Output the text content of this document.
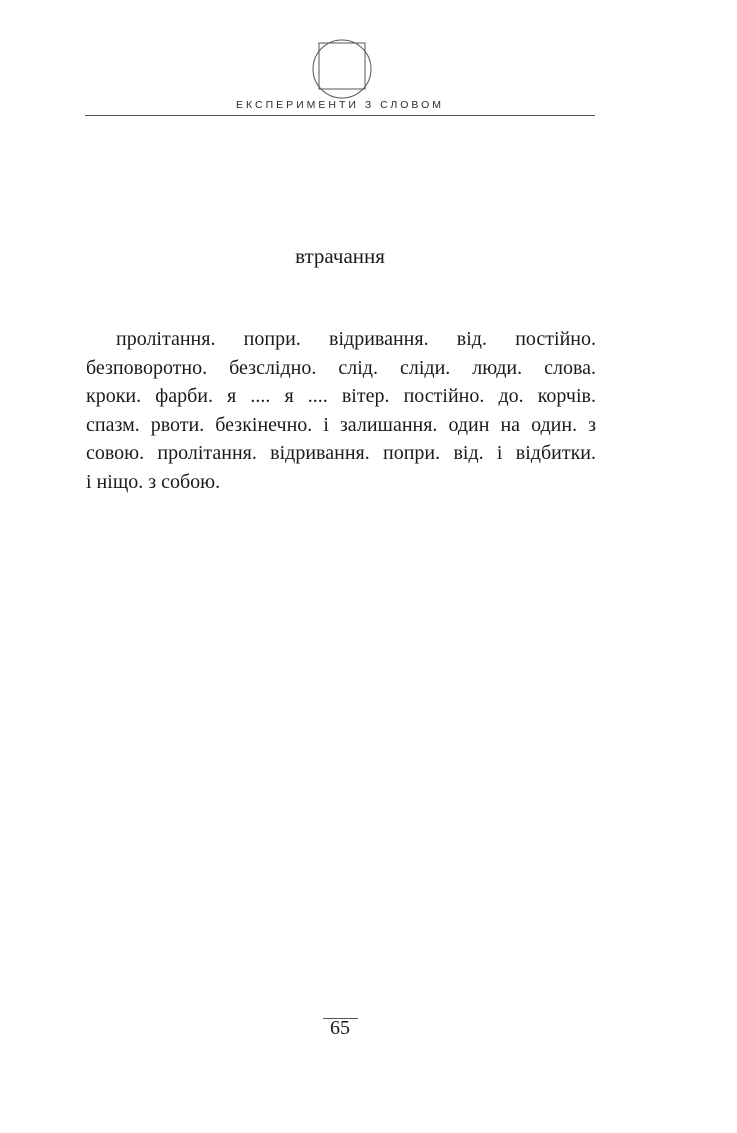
ЕКСПЕРИМЕНТИ З СЛОВОМ
втрачання
пролітання. попри. відривання. від. постійно.
безповоротно. безслідно. слід. сліди. люди. слова.
кроки. фарби. я .... я .... вітер. постійно. до. корчів.
спазм. рвоти. безкінечно. і залишання. один на один. з
совою. пролітання. відривання. попри. від. і відбитки.
і ніщо. з собою.
65
